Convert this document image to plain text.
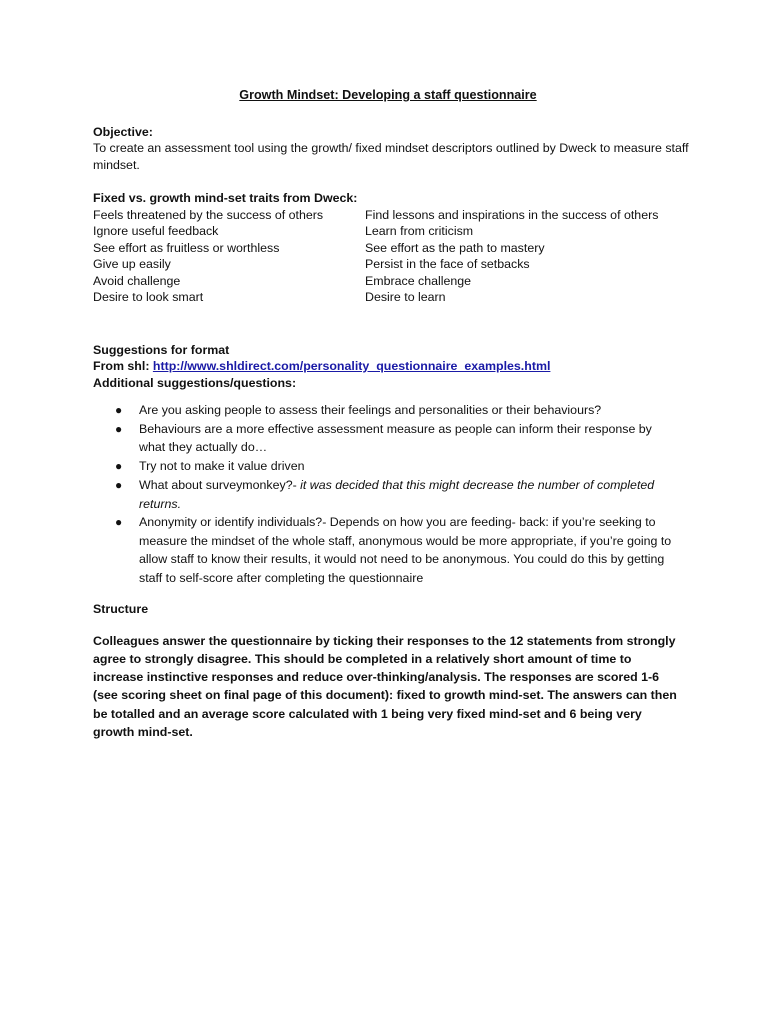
Growth Mindset: Developing a staff questionnaire

Objective:

To create an assessment tool using the growth/ fixed mindset descriptors outlined by Dweck to measure staff mindset.

Fixed vs. growth mind-set traits from Dweck:

Feels threatened by the success of others	Find lessons and inspirations in the success of others
Ignore useful feedback	Learn from criticism
See effort as fruitless or worthless	See effort as the path to mastery
Give up easily	Persist in the face of setbacks
Avoid challenge	Embrace challenge
Desire to look smart	Desire to learn

Suggestions for format

From shl: http://www.shldirect.com/personality_questionnaire_examples.html

Additional suggestions/questions:

● Are you asking people to assess their feelings and personalities or their behaviours?
● Behaviours are a more effective assessment measure as people can inform their response by what they actually do…
● Try not to make it value driven
● What about surveymonkey?- it was decided that this might decrease the number of completed returns.
● Anonymity or identify individuals?- Depends on how you are feeding- back: if you’re seeking to measure the mindset of the whole staff, anonymous would be more appropriate, if you’re going to allow staff to know their results, it would not need to be anonymous. You could do this by getting staff to self-score after completing the questionnaire

Structure

Colleagues answer the questionnaire by ticking their responses to the 12 statements from strongly agree to strongly disagree. This should be completed in a relatively short amount of time to increase instinctive responses and reduce over-thinking/analysis. The responses are scored 1-6 (see scoring sheet on final page of this document): fixed to growth mind-set. The answers can then be totalled and an average score calculated with 1 being very fixed mind-set and 6 being very growth mind-set.
